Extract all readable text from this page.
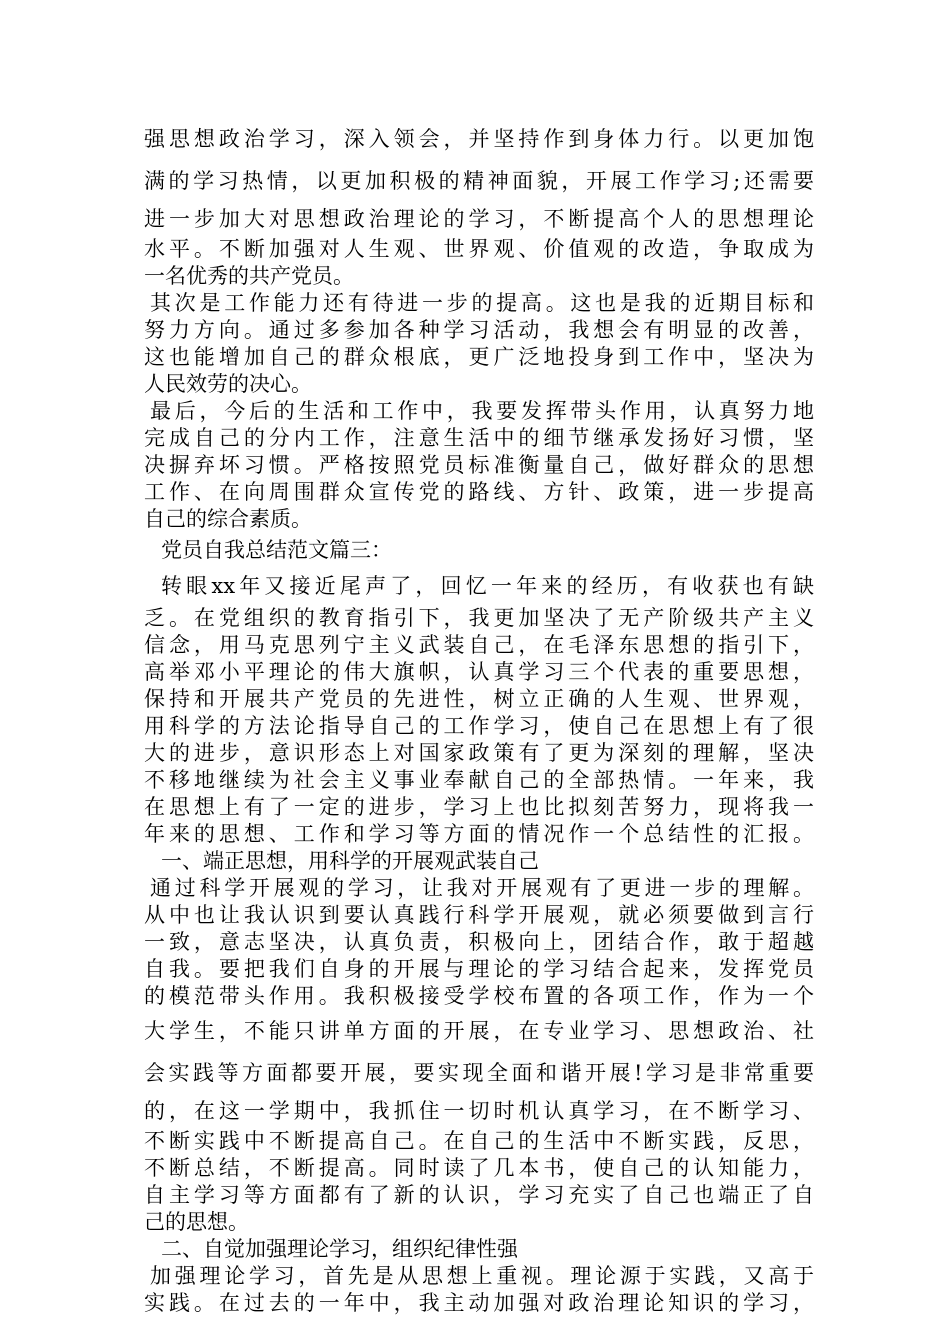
强思想政治学习，深入领会，并坚持作到身体力行。以更加饱
满的学习热情，以更加积极的精神面貌，开展工作学习;还需要
进一步加大对思想政治理论的学习，不断提高个人的思想理论
水平。不断加强对人生观、世界观、价值观的改造，争取成为
一名优秀的共产党员。
其次是工作能力还有待进一步的提高。这也是我的近期目标和
努力方向。通过多参加各种学习活动，我想会有明显的改善，
这也能增加自己的群众根底，更广泛地投身到工作中，坚决为
人民效劳的决心。
最后，今后的生活和工作中，我要发挥带头作用，认真努力地
完成自己的分内工作，注意生活中的细节继承发扬好习惯，坚
决摒弃坏习惯。严格按照党员标准衡量自己，做好群众的思想
工作、在向周围群众宣传党的路线、方针、政策，进一步提高
自己的综合素质。
党员自我总结范文篇三：
转眼xx年又接近尾声了，回忆一年来的经历，有收获也有缺
乏。在党组织的教育指引下，我更加坚决了无产阶级共产主义
信念，用马克思列宁主义武装自己，在毛泽东思想的指引下，
高举邓小平理论的伟大旗帜，认真学习三个代表的重要思想，
保持和开展共产党员的先进性，树立正确的人生观、世界观，
用科学的方法论指导自己的工作学习，使自己在思想上有了很
大的进步，意识形态上对国家政策有了更为深刻的理解，坚决
不移地继续为社会主义事业奉献自己的全部热情。一年来，我
在思想上有了一定的进步，学习上也比拟刻苦努力，现将我一
年来的思想、工作和学习等方面的情况作一个总结性的汇报。
一、端正思想，用科学的开展观武装自己
通过科学开展观的学习，让我对开展观有了更进一步的理解。
从中也让我认识到要认真践行科学开展观，就必须要做到言行
一致，意志坚决，认真负责，积极向上，团结合作，敢于超越
自我。要把我们自身的开展与理论的学习结合起来，发挥党员
的模范带头作用。我积极接受学校布置的各项工作，作为一个
大学生，不能只讲单方面的开展，在专业学习、思想政治、社
会实践等方面都要开展，要实现全面和谐开展!学习是非常重要
的，在这一学期中，我抓住一切时机认真学习，在不断学习、
不断实践中不断提高自己。在自己的生活中不断实践，反思，
不断总结，不断提高。同时读了几本书，使自己的认知能力，
自主学习等方面都有了新的认识，学习充实了自己也端正了自
己的思想。
二、自觉加强理论学习，组织纪律性强
加强理论学习，首先是从思想上重视。理论源于实践，又高于
实践。在过去的一年中，我主动加强对政治理论知识的学习，
